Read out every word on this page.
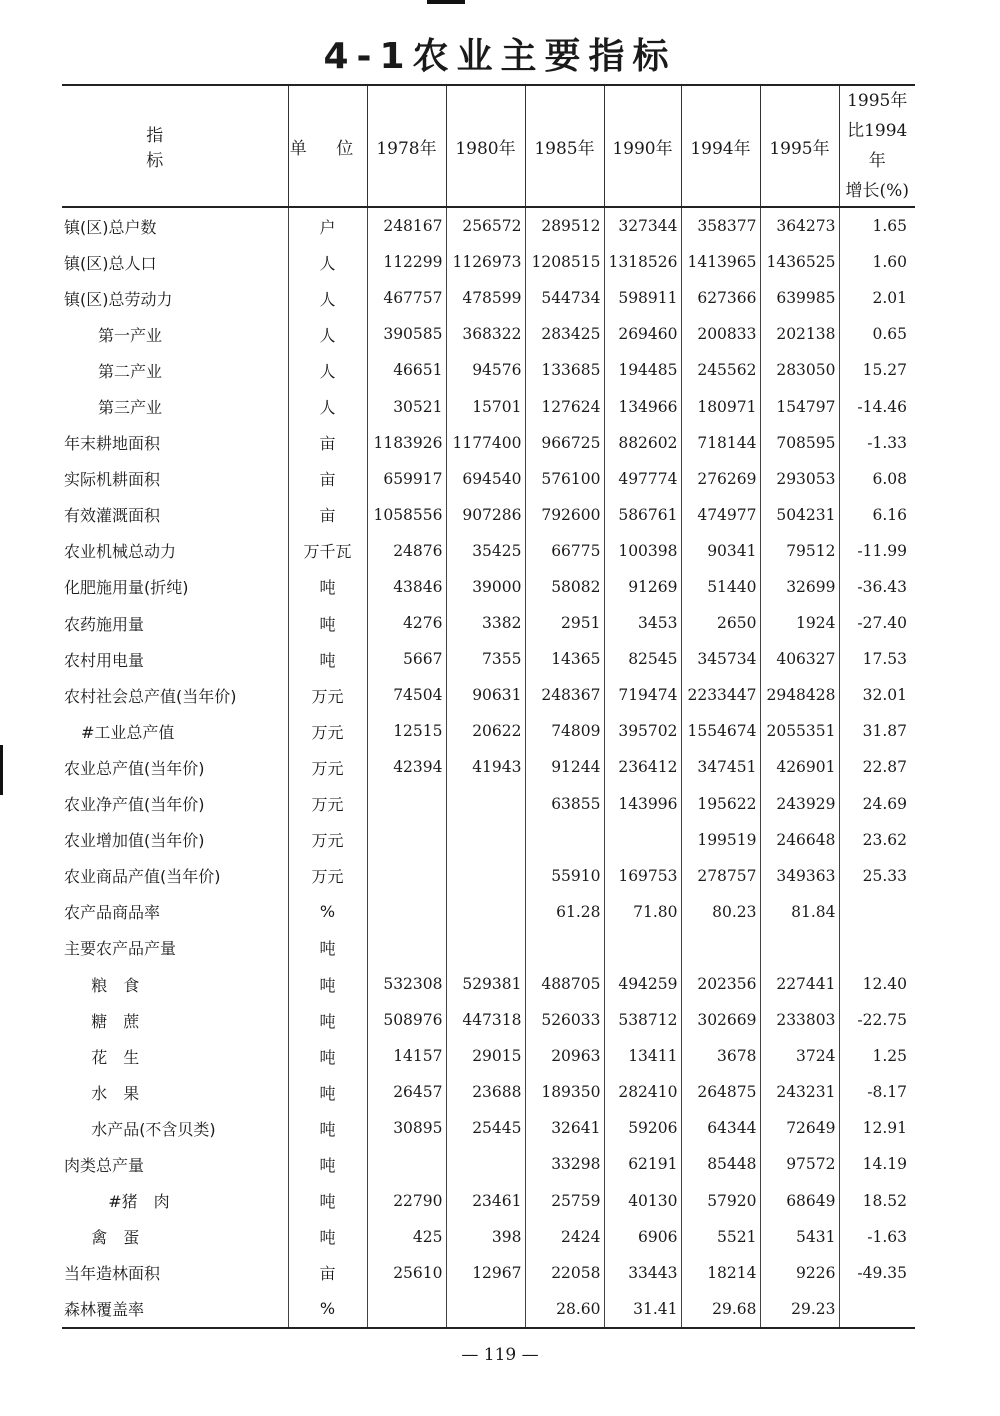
4-1农业主要指标
指　　标	单 位	1978年	1980年	1985年	1990年	1994年	1995年	1995年
比1994年
增长(%)

镇(区)总户数	户	248167	256572	289512	327344	358377	364273	1.65
镇(区)总人口	人	112299	1126973	1208515	1318526	1413965	1436525	1.60
镇(区)总劳动力	人	467757	478599	544734	598911	627366	639985	2.01
第一产业	人	390585	368322	283425	269460	200833	202138	0.65
第二产业	人	46651	94576	133685	194485	245562	283050	15.27
第三产业	人	30521	15701	127624	134966	180971	154797	-14.46
年末耕地面积	亩	1183926	1177400	966725	882602	718144	708595	-1.33
实际机耕面积	亩	659917	694540	576100	497774	276269	293053	6.08
有效灌溉面积	亩	1058556	907286	792600	586761	474977	504231	6.16
农业机械总动力	万千瓦	24876	35425	66775	100398	90341	79512	-11.99
化肥施用量(折纯)	吨	43846	39000	58082	91269	51440	32699	-36.43
农药施用量	吨	4276	3382	2951	3453	2650	1924	-27.40
农村用电量	吨	5667	7355	14365	82545	345734	406327	17.53
农村社会总产值(当年价)	万元	74504	90631	248367	719474	2233447	2948428	32.01
#工业总产值	万元	12515	20622	74809	395702	1554674	2055351	31.87
农业总产值(当年价)	万元	42394	41943	91244	236412	347451	426901	22.87
农业净产值(当年价)	万元			63855	143996	195622	243929	24.69
农业增加值(当年价)	万元					199519	246648	23.62
农业商品产值(当年价)	万元			55910	169753	278757	349363	25.33
农产品商品率	%			61.28	71.80	80.23	81.84	
主要农产品产量	吨							
粮　食	吨	532308	529381	488705	494259	202356	227441	12.40
糖　蔗	吨	508976	447318	526033	538712	302669	233803	-22.75
花　生	吨	14157	29015	20963	13411	3678	3724	1.25
水　果	吨	26457	23688	189350	282410	264875	243231	-8.17
水产品(不含贝类)	吨	30895	25445	32641	59206	64344	72649	12.91
肉类总产量	吨			33298	62191	85448	97572	14.19
#猪　肉	吨	22790	23461	25759	40130	57920	68649	18.52
禽　蛋	吨	425	398	2424	6906	5521	5431	-1.63
当年造林面积	亩	25610	12967	22058	33443	18214	9226	-49.35
森林覆盖率	%			28.60	31.41	29.68	29.23	
— 119 —
